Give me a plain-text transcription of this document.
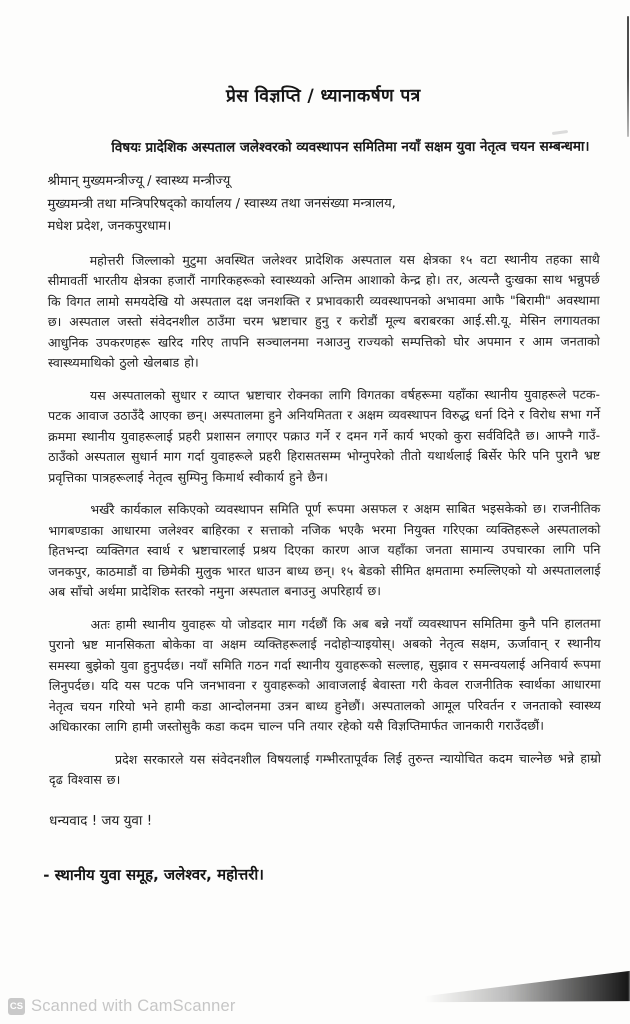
प्रेस विज्ञप्ति / ध्यानाकर्षण पत्र

विषयः प्रादेशिक अस्पताल जलेश्वरको व्यवस्थापन समितिमा नयाँ सक्षम युवा नेतृत्व चयन सम्बन्धमा।

श्रीमान् मुख्यमन्त्रीज्यू / स्वास्थ्य मन्त्रीज्यू

मुख्यमन्त्री तथा मन्त्रिपरिषद्को कार्यालय / स्वास्थ्य तथा जनसंख्या मन्त्रालय,

मधेश प्रदेश, जनकपुरधाम।

महोत्तरी जिल्लाको मुटुमा अवस्थित जलेश्वर प्रादेशिक अस्पताल यस क्षेत्रका १५ वटा स्थानीय तहका साथै सीमावर्ती भारतीय क्षेत्रका हजारौं नागरिकहरूको स्वास्थ्यको अन्तिम आशाको केन्द्र हो। तर, अत्यन्तै दुःखका साथ भन्नुपर्छ कि विगत लामो समयदेखि यो अस्पताल दक्ष जनशक्ति र प्रभावकारी व्यवस्थापनको अभावमा आफै "बिरामी" अवस्थामा छ। अस्पताल जस्तो संवेदनशील ठाउँमा चरम भ्रष्टाचार हुनु र करोडौं मूल्य बराबरका आई.सी.यू. मेसिन लगायतका आधुनिक उपकरणहरू खरिद गरिए तापनि सञ्चालनमा नआउनु राज्यको सम्पत्तिको घोर अपमान र आम जनताको स्वास्थ्यमाथिको ठुलो खेलबाड हो।

यस अस्पतालको सुधार र व्याप्त भ्रष्टाचार रोक्नका लागि विगतका वर्षहरूमा यहाँका स्थानीय युवाहरूले पटक-पटक आवाज उठाउँदै आएका छन्। अस्पतालमा हुने अनियमितता र अक्षम व्यवस्थापन विरुद्ध धर्ना दिने र विरोध सभा गर्ने क्रममा स्थानीय युवाहरूलाई प्रहरी प्रशासन लगाएर पक्राउ गर्ने र दमन गर्ने कार्य भएको कुरा सर्वविदितै छ। आफ्नै गाउँ-ठाउँको अस्पताल सुधार्न माग गर्दा युवाहरूले प्रहरी हिरासतसम्म भोग्नुपरेको तीतो यथार्थलाई बिर्सेर फेरि पनि पुरानै भ्रष्ट प्रवृत्तिका पात्रहरूलाई नेतृत्व सुम्पिनु किमार्थ स्वीकार्य हुने छैन।

भर्खरै कार्यकाल सकिएको व्यवस्थापन समिति पूर्ण रूपमा असफल र अक्षम साबित भइसकेको छ। राजनीतिक भागबण्डाका आधारमा जलेश्वर बाहिरका र सत्ताको नजिक भएकै भरमा नियुक्त गरिएका व्यक्तिहरूले अस्पतालको हितभन्दा व्यक्तिगत स्वार्थ र भ्रष्टाचारलाई प्रश्रय दिएका कारण आज यहाँका जनता सामान्य उपचारका लागि पनि जनकपुर, काठमाडौं वा छिमेकी मुलुक भारत धाउन बाध्य छन्। १५ बेडको सीमित क्षमतामा रुमल्लिएको यो अस्पताललाई अब साँचो अर्थमा प्रादेशिक स्तरको नमुना अस्पताल बनाउनु अपरिहार्य छ।

अतः हामी स्थानीय युवाहरू यो जोडदार माग गर्दछौं कि अब बन्ने नयाँ व्यवस्थापन समितिमा कुनै पनि हालतमा पुरानो भ्रष्ट मानसिकता बोकेका वा अक्षम व्यक्तिहरूलाई नदोहोऱ्याइयोस्। अबको नेतृत्व सक्षम, ऊर्जावान् र स्थानीय समस्या बुझेको युवा हुनुपर्दछ। नयाँ समिति गठन गर्दा स्थानीय युवाहरूको सल्लाह, सुझाव र समन्वयलाई अनिवार्य रूपमा लिनुपर्दछ। यदि यस पटक पनि जनभावना र युवाहरूको आवाजलाई बेवास्ता गरी केवल राजनीतिक स्वार्थका आधारमा नेतृत्व चयन गरियो भने हामी कडा आन्दोलनमा उत्रन बाध्य हुनेछौं। अस्पतालको आमूल परिवर्तन र जनताको स्वास्थ्य अधिकारका लागि हामी जस्तोसुकै कडा कदम चाल्न पनि तयार रहेको यसै विज्ञप्तिमार्फत जानकारी गराउँदछौं।

प्रदेश सरकारले यस संवेदनशील विषयलाई गम्भीरतापूर्वक लिई तुरुन्त न्यायोचित कदम चाल्नेछ भन्ने हाम्रो दृढ विश्वास छ।

धन्यवाद ! जय युवा !

- स्थानीय युवा समूह, जलेश्वर, महोत्तरी।

CS Scanned with CamScanner
